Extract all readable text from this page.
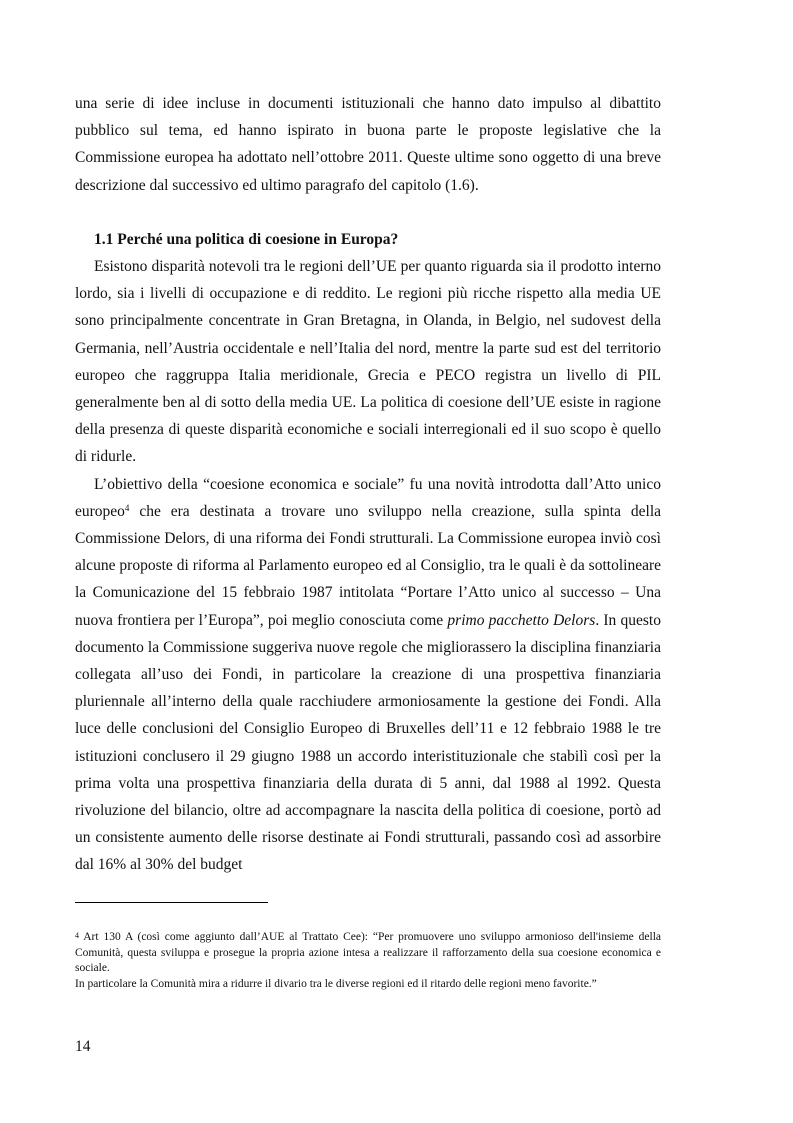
una serie di idee incluse in documenti istituzionali che hanno dato impulso al dibattito pubblico sul tema, ed hanno ispirato in buona parte le proposte legislative che la Commissione europea ha adottato nell’ottobre 2011. Queste ultime sono oggetto di una breve descrizione dal successivo ed ultimo paragrafo del capitolo (1.6).

1.1 Perché una politica di coesione in Europa?

Esistono disparità notevoli tra le regioni dell’UE per quanto riguarda sia il prodotto interno lordo, sia i livelli di occupazione e di reddito. Le regioni più ricche rispetto alla media UE sono principalmente concentrate in Gran Bretagna, in Olanda, in Belgio, nel sudovest della Germania, nell’Austria occidentale e nell’Italia del nord, mentre la parte sud est del territorio europeo che raggruppa Italia meridionale, Grecia e PECO registra un livello di PIL generalmente ben al di sotto della media UE. La politica di coesione dell’UE esiste in ragione della presenza di queste disparità economiche e sociali interregionali ed il suo scopo è quello di ridurle.

L’obiettivo della “coesione economica e sociale” fu una novità introdotta dall’Atto unico europeo$^4$ che era destinata a trovare uno sviluppo nella creazione, sulla spinta della Commissione Delors, di una riforma dei Fondi strutturali. La Commissione europea inviò così alcune proposte di riforma al Parlamento europeo ed al Consiglio, tra le quali è da sottolineare la Comunicazione del 15 febbraio 1987 intitolata “Portare l’Atto unico al successo – Una nuova frontiera per l’Europa”, poi meglio conosciuta come primo pacchetto Delors. In questo documento la Commissione suggeriva nuove regole che migliorassero la disciplina finanziaria collegata all’uso dei Fondi, in particolare la creazione di una prospettiva finanziaria pluriennale all’interno della quale racchiudere armoniosamente la gestione dei Fondi. Alla luce delle conclusioni del Consiglio Europeo di Bruxelles dell’11 e 12 febbraio 1988 le tre istituzioni conclusero il 29 giugno 1988 un accordo interistituzionale che stabilì così per la prima volta una prospettiva finanziaria della durata di 5 anni, dal 1988 al 1992. Questa rivoluzione del bilancio, oltre ad accompagnare la nascita della politica di coesione, portò ad un consistente aumento delle risorse destinate ai Fondi strutturali, passando così ad assorbire dal 16% al 30% del budget

$^4$ Art 130 A (così come aggiunto dall’AUE al Trattato Cee): “Per promuovere uno sviluppo armonioso dell'insieme della Comunità, questa sviluppa e prosegue la propria azione intesa a realizzare il rafforzamento della sua coesione economica e sociale.

In particolare la Comunità mira a ridurre il divario tra le diverse regioni ed il ritardo delle regioni meno favorite.”

14
